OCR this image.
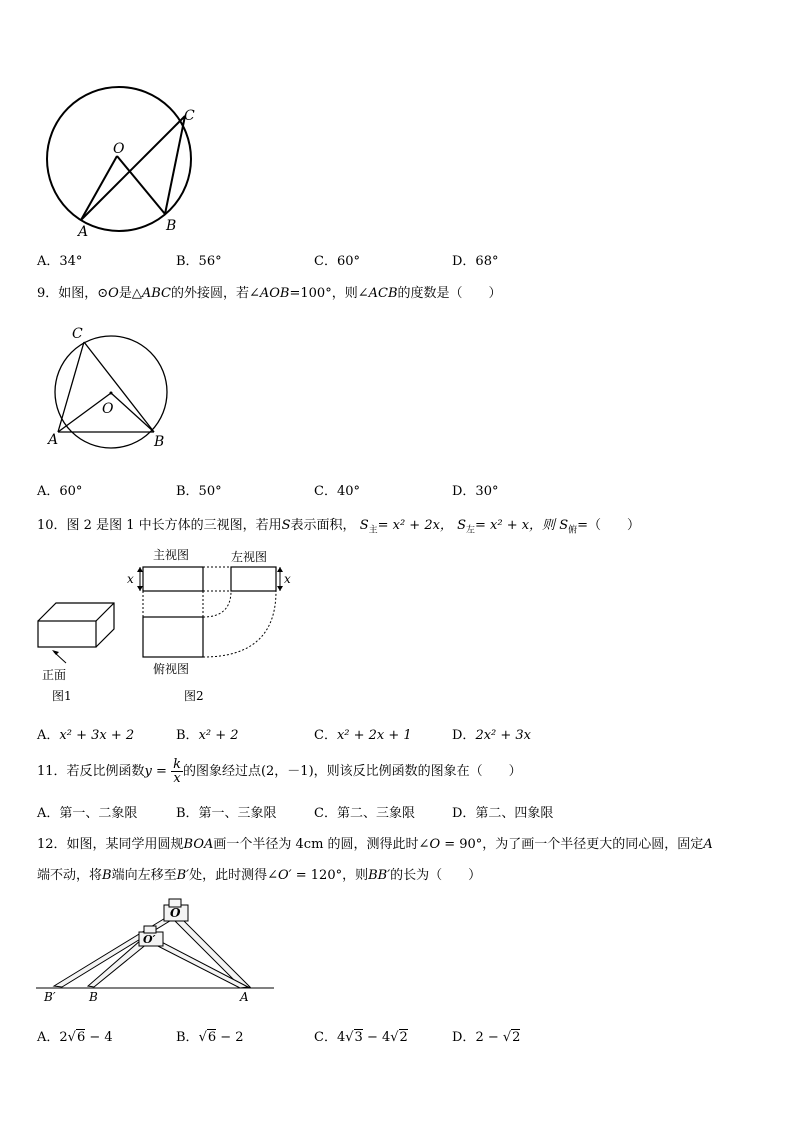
O
C
A	B
A．34°	B．56°	C．60°	D．68°
9．如图，⊙O是△ABC的外接圆，若∠AOB=100°，则∠ACB的度数是（　　）
C
O
A	B
A．60°	B．50°	C．40°	D．30°
10．图 2 是图 1 中长方体的三视图，若用S表示面积， $S_主= x^2 + 2x$， $S_左= x^2 + x$，则 $S_俯=$（　　）
正面
图1
主视图
x
左视图
x
俯视图
图2
A．x² + 3x + 2	B．x² + 2	C．x² + 2x + 1	D．2x² + 3x
11．若反比例函数$y = \frac{k}{x}$ 的图象经过点(2，－1)，则该反比例函数的图象在（　　）
A．第一、二象限	B．第一、三象限	C．第二、三象限	D．第二、四象限
12．如图，某同学用圆规BOA画一个半径为 4cm 的圆，测得此时∠O = 90°，为了画一个半径更大的同心圆，固定A
端不动，将B端向左移至B′处，此时测得∠O′ = 120°，则BB′的长为（　　）
O
O′
B′	B	A
A．2√6 − 4	B．√6 − 2	C．4√3 − 4√2	D．2 − √2
